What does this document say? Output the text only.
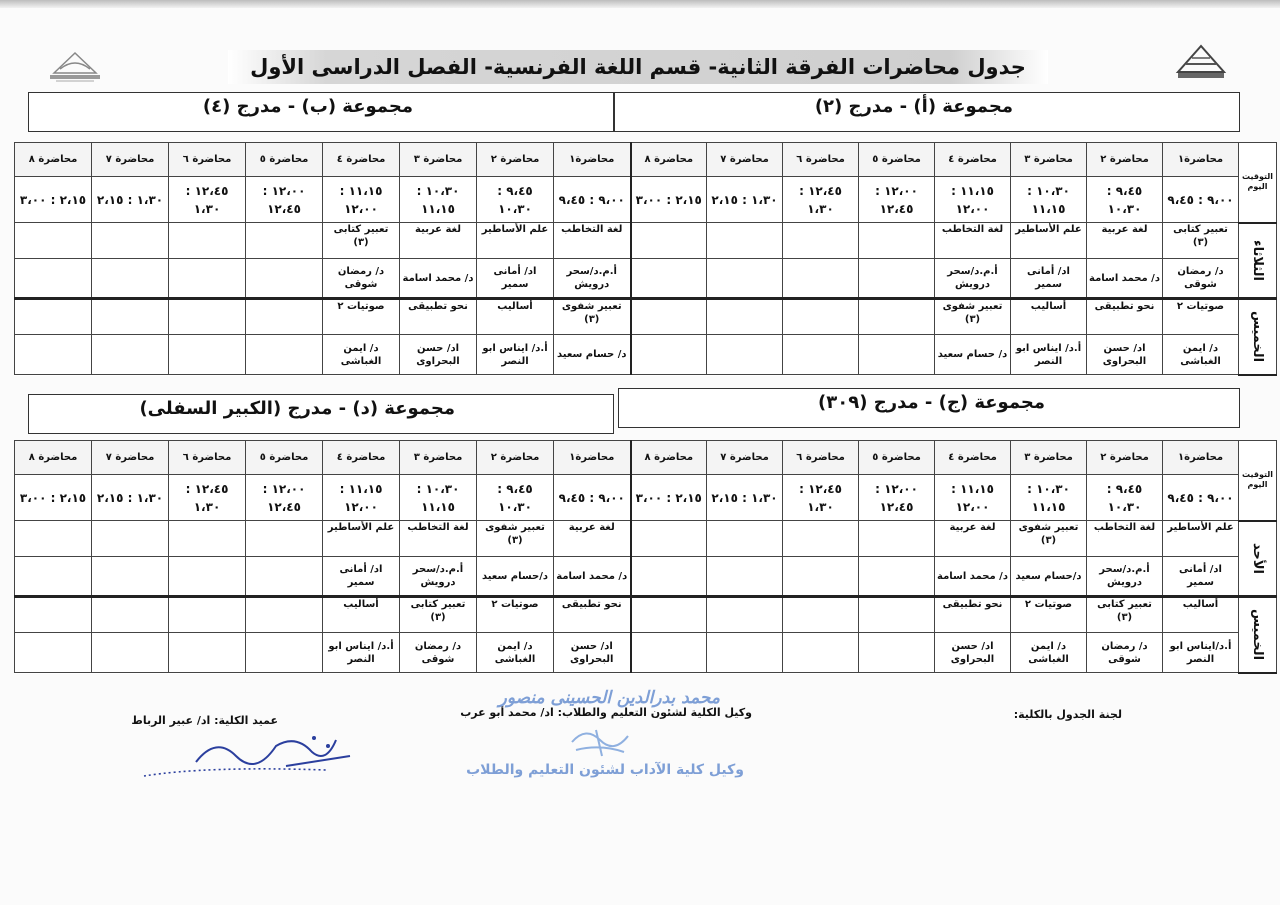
جدول محاضرات الفرقة الثانية- قسم اللغة الفرنسية- الفصل الدراسى الأول
مجموعة (أ) - مدرج (٢)
مجموعة (ب) - مدرج (٤)
مجموعة (ج) - مدرج (٣٠٩)
مجموعة (د) - مدرج (الكبير السفلى)
التوقيت
اليوم	محاضرة١	محاضرة ٢	محاضرة ٣	محاضرة ٤	محاضرة ٥	محاضرة ٦	محاضرة ٧	محاضرة ٨	محاضرة١	محاضرة ٢	محاضرة ٣	محاضرة ٤	محاضرة ٥	محاضرة ٦	محاضرة ٧	محاضرة ٨
	٩،٠٠ : ٩،٤٥	٩،٤٥ : ١٠،٣٠	١٠،٣٠ : ١١،١٥	١١،١٥ : ١٢،٠٠	١٢،٠٠ : ١٢،٤٥	١٢،٤٥ : ١،٣٠	١،٣٠ : ٢،١٥	٢،١٥ : ٣،٠٠	٩،٠٠ : ٩،٤٥	٩،٤٥ : ١٠،٣٠	١٠،٣٠ : ١١،١٥	١١،١٥ : ١٢،٠٠	١٢،٠٠ : ١٢،٤٥	١٢،٤٥ : ١،٣٠	١،٣٠ : ٢،١٥	٢،١٥ : ٣،٠٠
الثلاثاء	تعبير كتابى (٣)	لغة عربية	علم الأساطير	لغة التخاطب					لغة التخاطب	علم الأساطير	لغة عربية	تعبير كتابى (٣)				
	د/ رمضان شوقى	د/ محمد اسامة	اد/ أمانى سمير	أ.م.د/سحر درويش					أ.م.د/سحر درويش	اد/ أمانى سمير	د/ محمد اسامة	د/ رمضان شوقى				
الخميس	صوتيات ٢	نحو تطبيقى	أساليب	تعبير شفوى (٣)					تعبير شفوى (٣)	أساليب	نحو تطبيقى	صوتيات ٢				
	د/ ايمن الغباشى	اد/ حسن البحراوى	أ.د/ ايناس ابو النصر	د/ حسام سعيد					د/ حسام سعيد	أ.د/ ايناس ابو النصر	اد/ حسن البحراوى	د/ ايمن الغباشى				
التوقيت
اليوم	محاضرة١	محاضرة ٢	محاضرة ٣	محاضرة ٤	محاضرة ٥	محاضرة ٦	محاضرة ٧	محاضرة ٨	محاضرة١	محاضرة ٢	محاضرة ٣	محاضرة ٤	محاضرة ٥	محاضرة ٦	محاضرة ٧	محاضرة ٨
	٩،٠٠ : ٩،٤٥	٩،٤٥ : ١٠،٣٠	١٠،٣٠ : ١١،١٥	١١،١٥ : ١٢،٠٠	١٢،٠٠ : ١٢،٤٥	١٢،٤٥ : ١،٣٠	١،٣٠ : ٢،١٥	٢،١٥ : ٣،٠٠	٩،٠٠ : ٩،٤٥	٩،٤٥ : ١٠،٣٠	١٠،٣٠ : ١١،١٥	١١،١٥ : ١٢،٠٠	١٢،٠٠ : ١٢،٤٥	١٢،٤٥ : ١،٣٠	١،٣٠ : ٢،١٥	٢،١٥ : ٣،٠٠
الأحد	علم الأساطير	لغة التخاطب	تعبير شفوى (٣)	لغة عربية					لغة عربية	تعبير شفوى (٣)	لغة التخاطب	علم الأساطير				
	اد/ أمانى سمير	أ.م.د/سحر درويش	د/حسام سعيد	د/ محمد اسامة					د/ محمد اسامة	د/حسام سعيد	أ.م.د/سحر درويش	اد/ أمانى سمير				
الخميس	أساليب	تعبير كتابى (٣)	صوتيات ٢	نحو تطبيقى					نحو تطبيقى	صوتيات ٢	تعبير كتابى (٣)	أساليب				
	أ.د/ايناس ابو النصر	د/ رمضان شوقى	د/ ايمن الغباشى	اد/ حسن البحراوى					اد/ حسن البحراوى	د/ ايمن الغباشى	د/ رمضان شوقى	أ.د/ ايناس ابو النصر				
لجنة الجدول بالكلية:
وكيل الكلية لشئون التعليم والطلاب: اد/ محمد أبو عرب
عميد الكلية: اد/ عبير الرباط
محمد بدرالدين الحسينى منصور
وكيل كلية الآداب لشئون التعليم والطلاب
